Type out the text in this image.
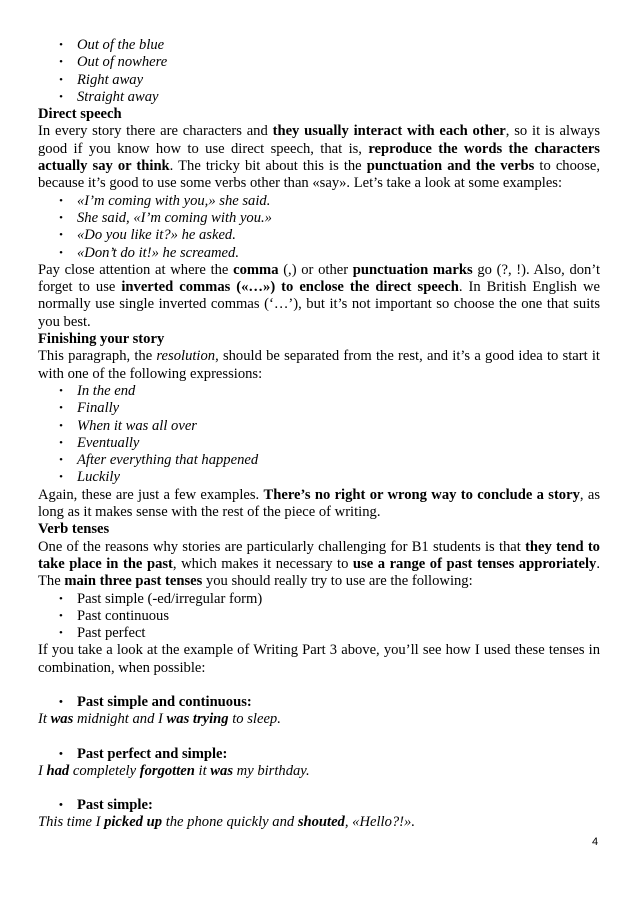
• Out of the blue
• Out of nowhere
• Right away
• Straight away
Direct speech

In every story there are characters and they usually interact with each other, so it is always good if you know how to use direct speech, that is, reproduce the words the characters actually say or think. The tricky bit about this is the punctuation and the verbs to choose, because it’s good to use some verbs other than «say». Let’s take a look at some examples:

• «I’m coming with you,» she said.
• She said, «I’m coming with you.»
• «Do you like it?» he asked.
• «Don’t do it!» he screamed.

Pay close attention at where the comma (,) or other punctuation marks go (?, !). Also, don’t forget to use inverted commas («…») to enclose the direct speech. In British English we normally use single inverted commas (‘…’), but it’s not important so choose the one that suits you best.

Finishing your story

This paragraph, the resolution, should be separated from the rest, and it’s a good idea to start it with one of the following expressions:

• In the end
• Finally
• When it was all over
• Eventually
• After everything that happened
• Luckily

Again, these are just a few examples. There’s no right or wrong way to conclude a story, as long as it makes sense with the rest of the piece of writing.

Verb tenses

One of the reasons why stories are particularly challenging for B1 students is that they tend to take place in the past, which makes it necessary to use a range of past tenses approriately. The main three past tenses you should really try to use are the following:

• Past simple (-ed/irregular form)
• Past continuous
• Past perfect

If you take a look at the example of Writing Part 3 above, you’ll see how I used these tenses in combination, when possible:

• Past simple and continuous:
It was midnight and I was trying to sleep.
• Past perfect and simple:
I had completely forgotten it was my birthday.
• Past simple:
This time I picked up the phone quickly and shouted, «Hello?!».
4
